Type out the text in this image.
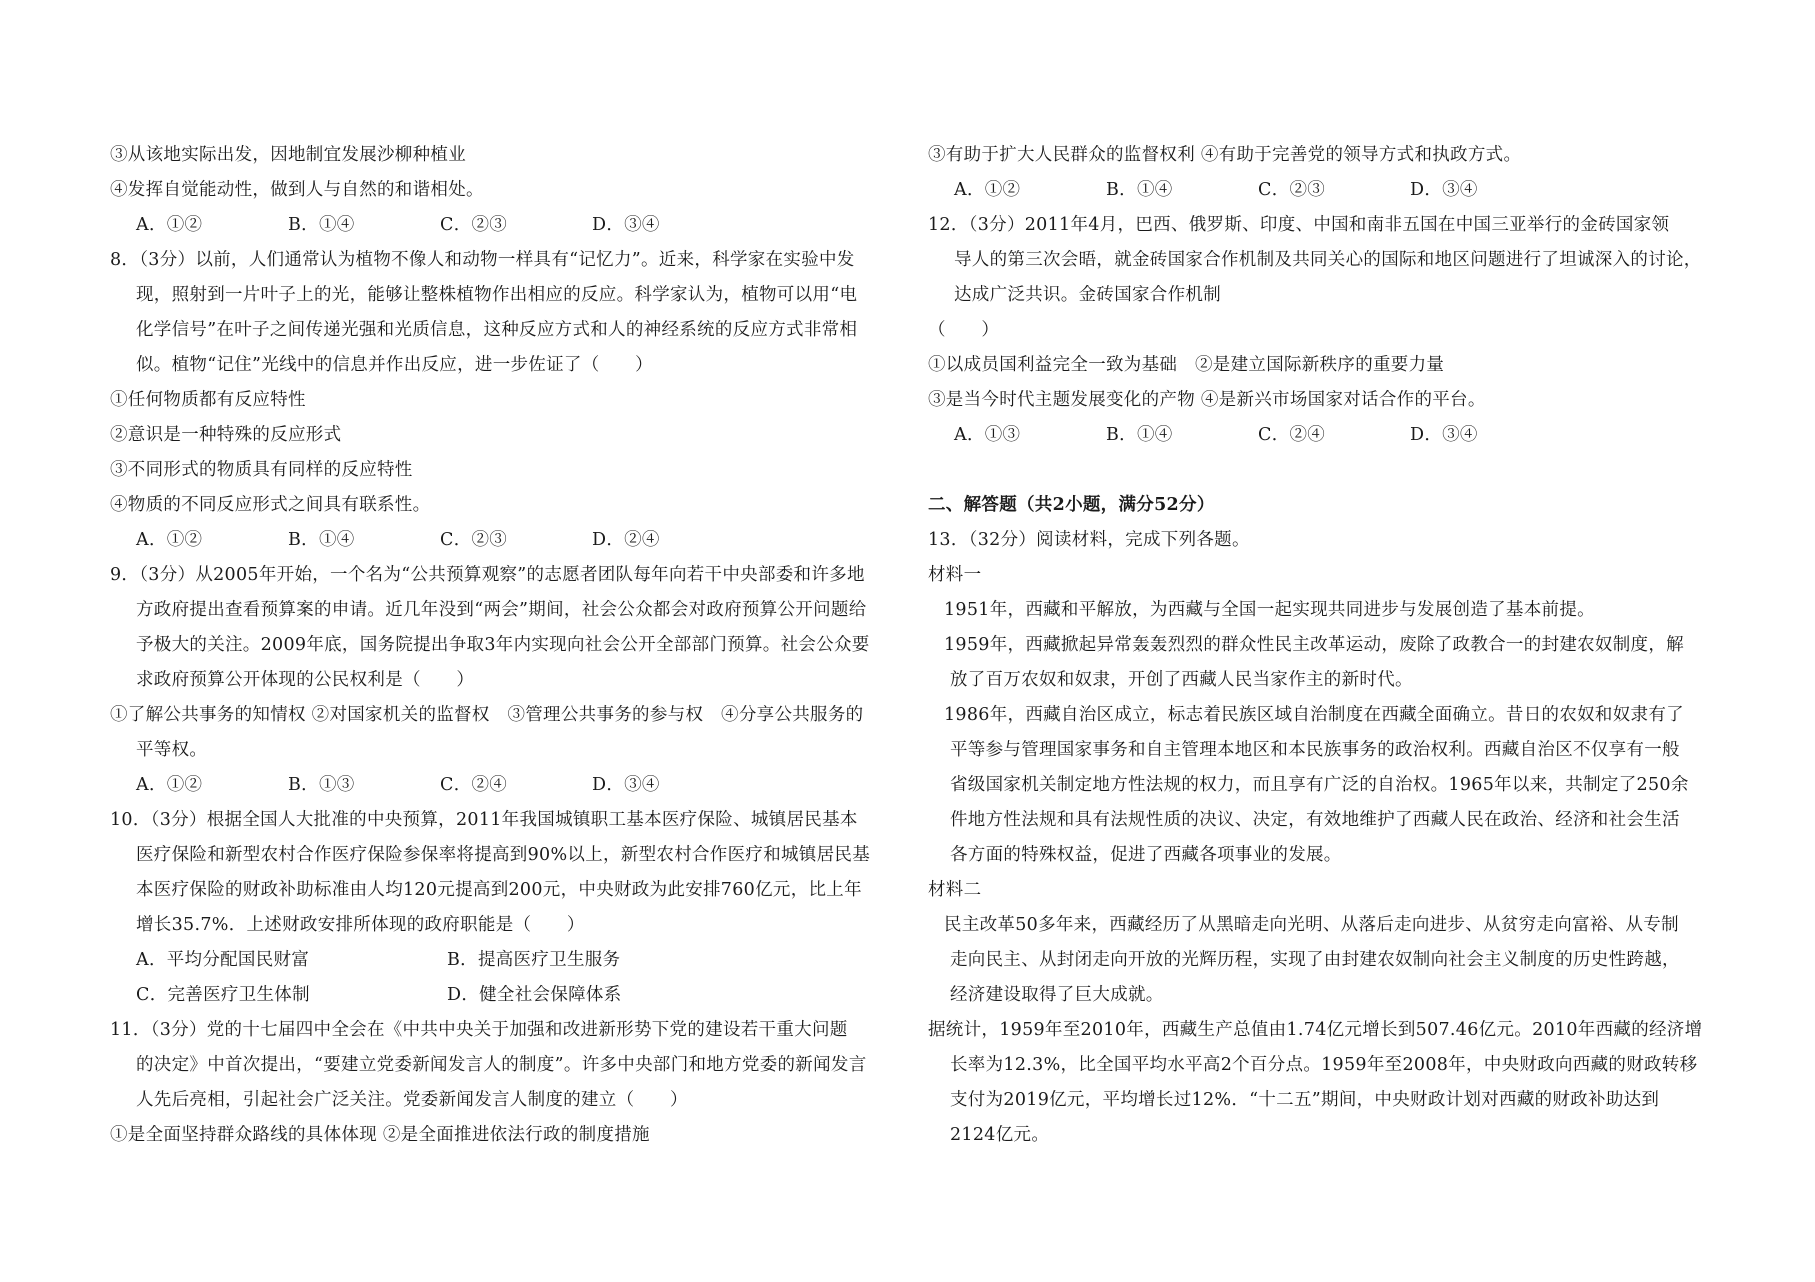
③从该地实际出发，因地制宜发展沙柳种植业
④发挥自觉能动性，做到人与自然的和谐相处。
A．①②	B．①④	C．②③	D．③④
8．（3分）以前，人们通常认为植物不像人和动物一样具有“记忆力”。近来，科学家在实验中发
现，照射到一片叶子上的光，能够让整株植物作出相应的反应。科学家认为，植物可以用“电
化学信号”在叶子之间传递光强和光质信息，这种反应方式和人的神经系统的反应方式非常相
似。植物“记住”光线中的信息并作出反应，进一步佐证了（　　）
①任何物质都有反应特性
②意识是一种特殊的反应形式
③不同形式的物质具有同样的反应特性
④物质的不同反应形式之间具有联系性。
A．①②	B．①④	C．②③	D．②④
9．（3分）从2005年开始，一个名为“公共预算观察”的志愿者团队每年向若干中央部委和许多地
方政府提出查看预算案的申请。近几年没到“两会”期间，社会公众都会对政府预算公开问题给
予极大的关注。2009年底，国务院提出争取3年内实现向社会公开全部部门预算。社会公众要
求政府预算公开体现的公民权利是（　　）
①了解公共事务的知情权 ②对国家机关的监督权　③管理公共事务的参与权　④分享公共服务的
平等权。
A．①②	B．①③	C．②④	D．③④
10．（3分）根据全国人大批准的中央预算，2011年我国城镇职工基本医疗保险、城镇居民基本
医疗保险和新型农村合作医疗保险参保率将提高到90%以上，新型农村合作医疗和城镇居民基
本医疗保险的财政补助标准由人均120元提高到200元，中央财政为此安排760亿元，比上年
增长35.7%．上述财政安排所体现的政府职能是（　　）
A．平均分配国民财富	B．提高医疗卫生服务
C．完善医疗卫生体制	D．健全社会保障体系
11．（3分）党的十七届四中全会在《中共中央关于加强和改进新形势下党的建设若干重大问题
的决定》中首次提出，“要建立党委新闻发言人的制度”。许多中央部门和地方党委的新闻发言
人先后亮相，引起社会广泛关注。党委新闻发言人制度的建立（　　）
①是全面坚持群众路线的具体体现 ②是全面推进依法行政的制度措施
③有助于扩大人民群众的监督权利 ④有助于完善党的领导方式和执政方式。
A．①②	B．①④	C．②③	D．③④
12．（3分）2011年4月，巴西、俄罗斯、印度、中国和南非五国在中国三亚举行的金砖国家领
导人的第三次会晤，就金砖国家合作机制及共同关心的国际和地区问题进行了坦诚深入的讨论，
达成广泛共识。金砖国家合作机制
（　　）
①以成员国利益完全一致为基础　②是建立国际新秩序的重要力量
③是当今时代主题发展变化的产物 ④是新兴市场国家对话合作的平台。
A．①③	B．①④	C．②④	D．③④
二、解答题（共2小题，满分52分）
13．（32分）阅读材料，完成下列各题。
材料一
1951年，西藏和平解放，为西藏与全国一起实现共同进步与发展创造了基本前提。
1959年，西藏掀起异常轰轰烈烈的群众性民主改革运动，废除了政教合一的封建农奴制度，解
放了百万农奴和奴隶，开创了西藏人民当家作主的新时代。
1986年，西藏自治区成立，标志着民族区域自治制度在西藏全面确立。昔日的农奴和奴隶有了
平等参与管理国家事务和自主管理本地区和本民族事务的政治权利。西藏自治区不仅享有一般
省级国家机关制定地方性法规的权力，而且享有广泛的自治权。1965年以来，共制定了250余
件地方性法规和具有法规性质的决议、决定，有效地维护了西藏人民在政治、经济和社会生活
各方面的特殊权益，促进了西藏各项事业的发展。
材料二
民主改革50多年来，西藏经历了从黑暗走向光明、从落后走向进步、从贫穷走向富裕、从专制
走向民主、从封闭走向开放的光辉历程，实现了由封建农奴制向社会主义制度的历史性跨越，
经济建设取得了巨大成就。
据统计，1959年至2010年，西藏生产总值由1.74亿元增长到507.46亿元。2010年西藏的经济增
长率为12.3%，比全国平均水平高2个百分点。1959年至2008年，中央财政向西藏的财政转移
支付为2019亿元，平均增长过12%．“十二五”期间，中央财政计划对西藏的财政补助达到
2124亿元。
